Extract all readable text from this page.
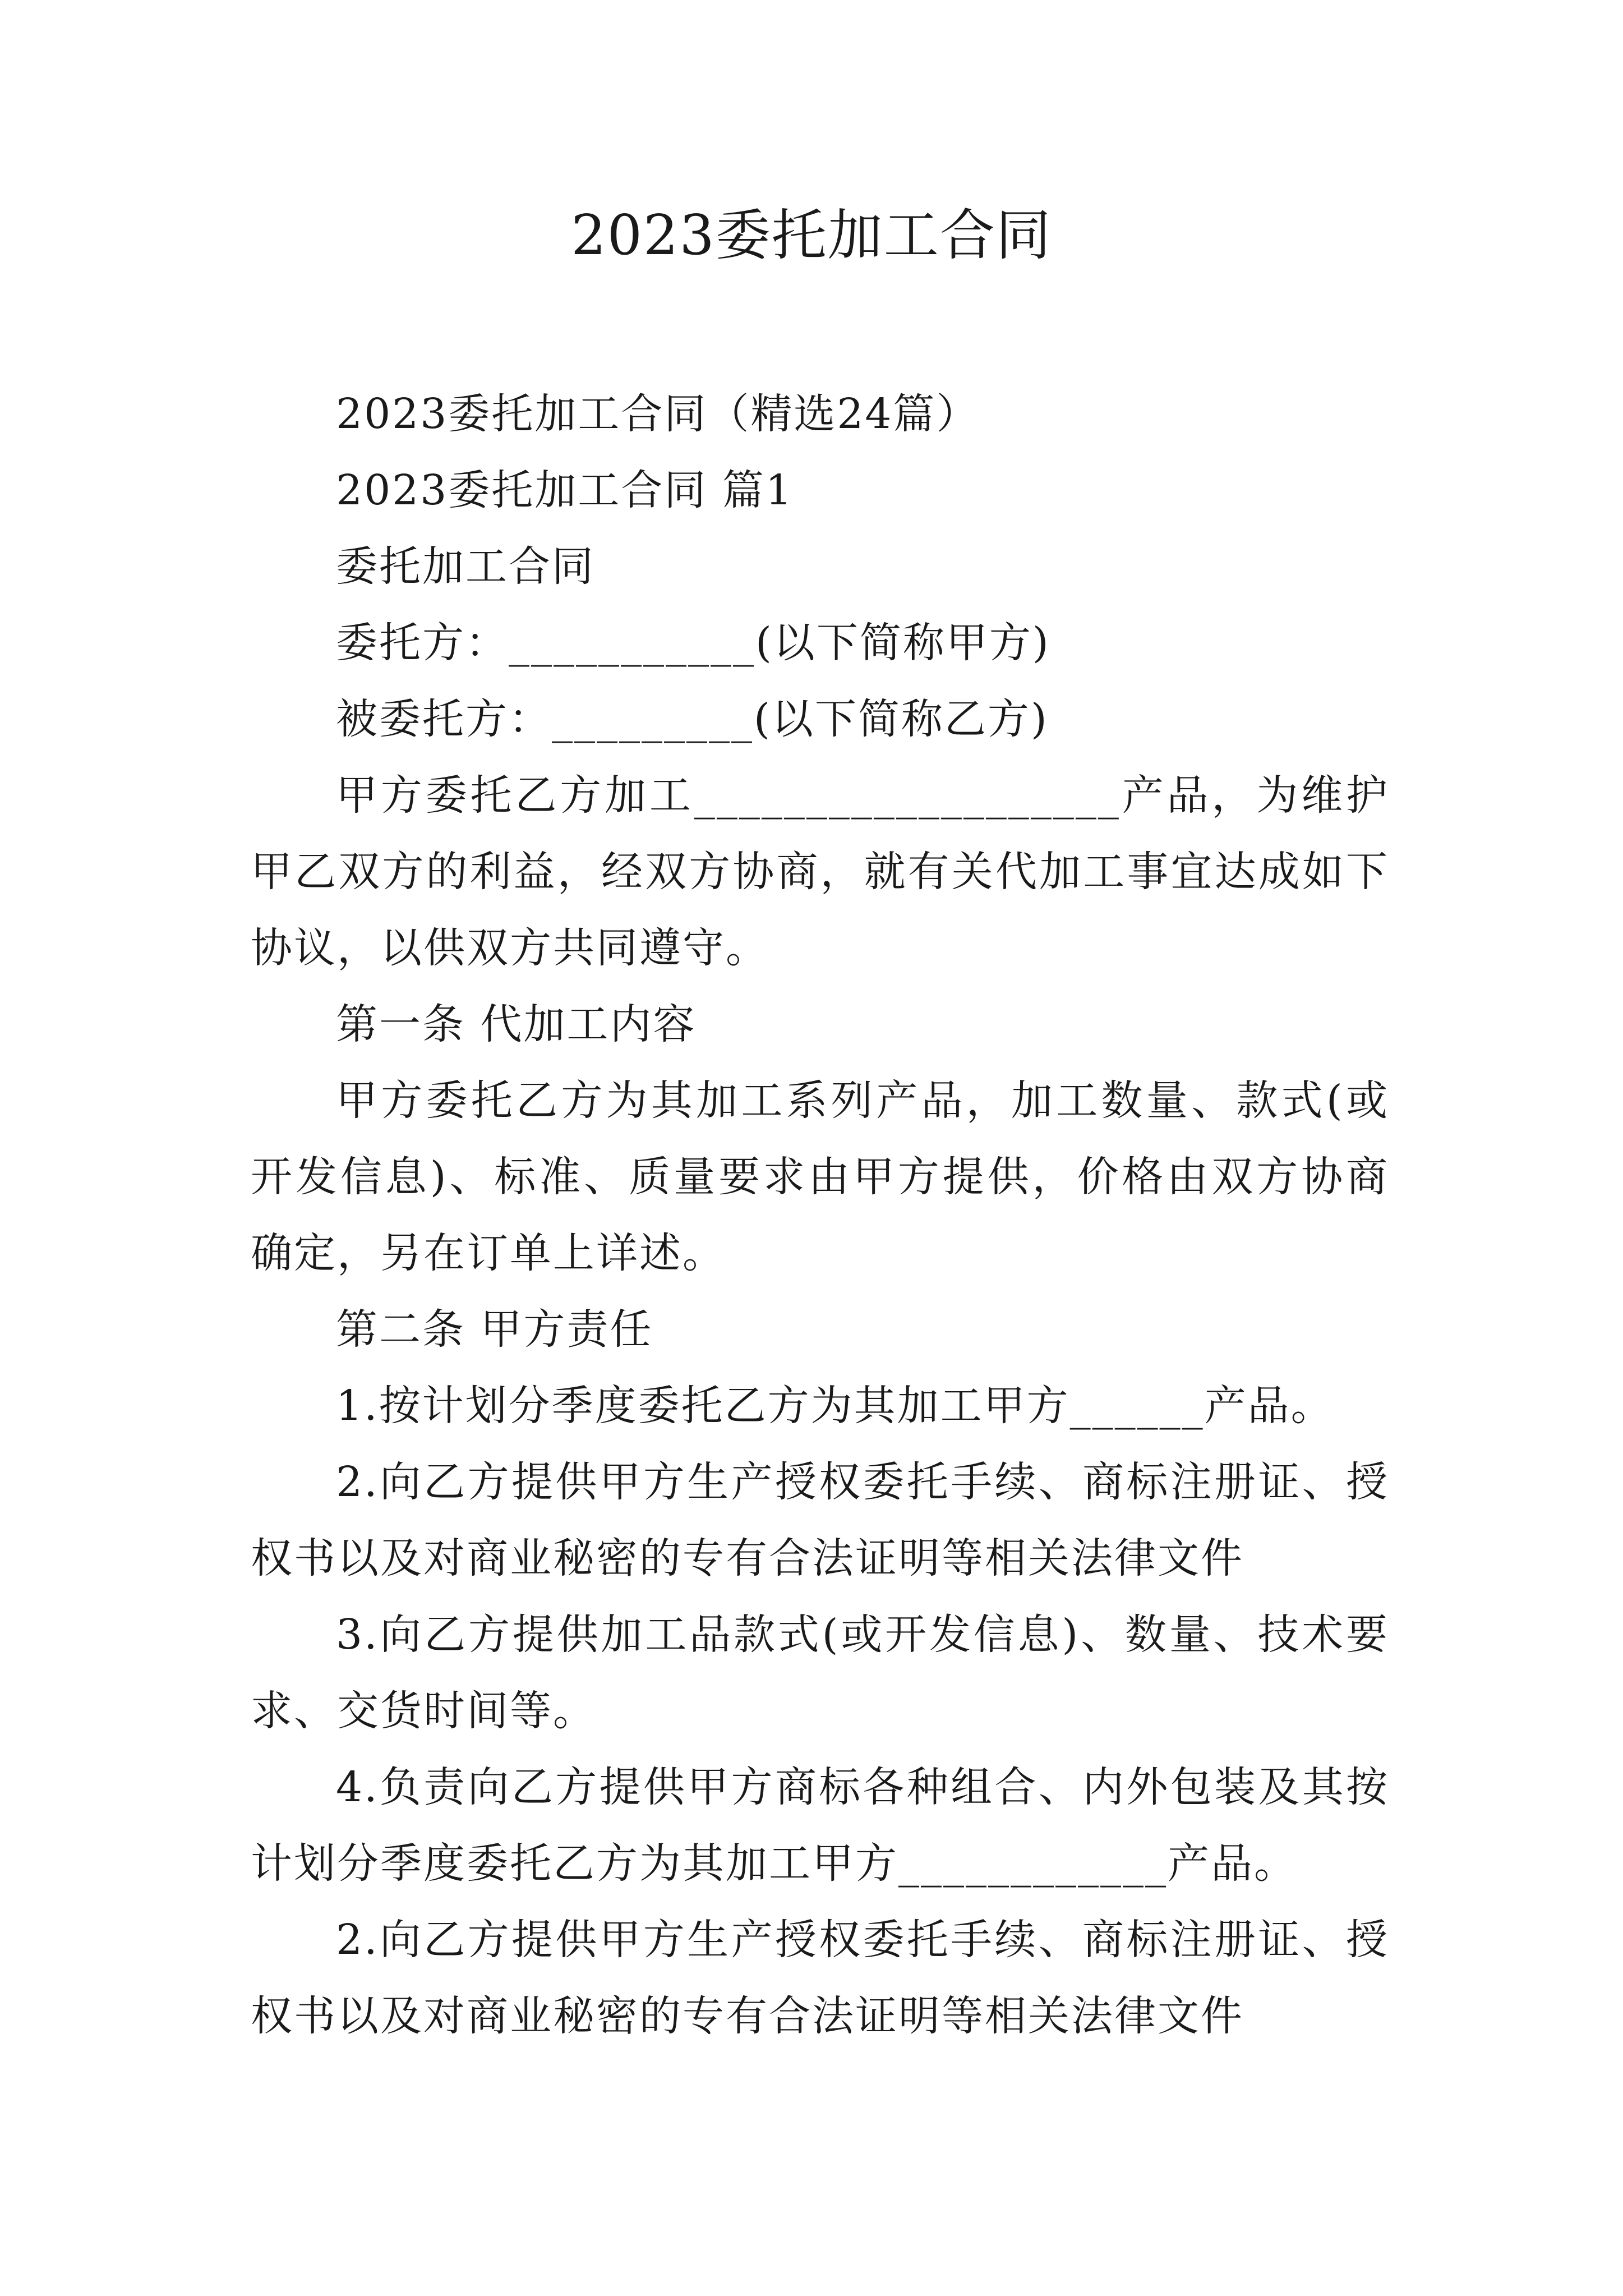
2023委托加工合同

2023委托加工合同（精选24篇）

2023委托加工合同 篇1

委托加工合同

委托方：___________(以下简称甲方)

被委托方：_________(以下简称乙方)

甲方委托乙方加工___________________产品，为维护甲乙双方的利益，经双方协商，就有关代加工事宜达成如下协议，以供双方共同遵守。

第一条 代加工内容

甲方委托乙方为其加工系列产品，加工数量、款式(或开发信息)、标准、质量要求由甲方提供，价格由双方协商确定，另在订单上详述。

第二条 甲方责任

1.按计划分季度委托乙方为其加工甲方______产品。

2.向乙方提供甲方生产授权委托手续、商标注册证、授权书以及对商业秘密的专有合法证明等相关法律文件

3.向乙方提供加工品款式(或开发信息)、数量、技术要求、交货时间等。

4.负责向乙方提供甲方商标各种组合、内外包装及其按计划分季度委托乙方为其加工甲方____________产品。

2.向乙方提供甲方生产授权委托手续、商标注册证、授权书以及对商业秘密的专有合法证明等相关法律文件
